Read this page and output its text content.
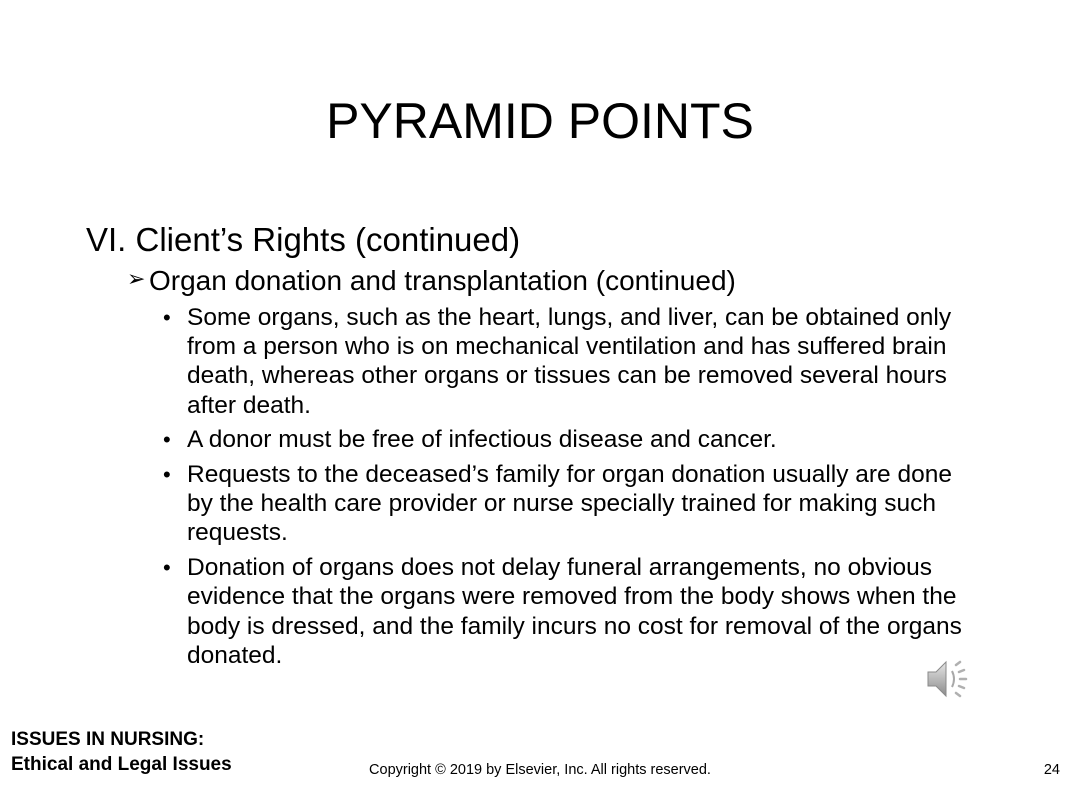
PYRAMID POINTS
VI. Client’s Rights (continued)
➢ Organ donation and transplantation (continued)
• Some organs, such as the heart, lungs, and liver, can be obtained only from a person who is on mechanical ventilation and has suffered brain death, whereas other organs or tissues can be removed several hours after death.
• A donor must be free of infectious disease and cancer.
• Requests to the deceased’s family for organ donation usually are done by the health care provider or nurse specially trained for making such requests.
• Donation of organs does not delay funeral arrangements, no obvious evidence that the organs were removed from the body shows when the body is dressed, and the family incurs no cost for removal of the organs donated.
ISSUES IN NURSING:
Ethical and Legal Issues	Copyright © 2019 by Elsevier, Inc. All rights reserved.	24
